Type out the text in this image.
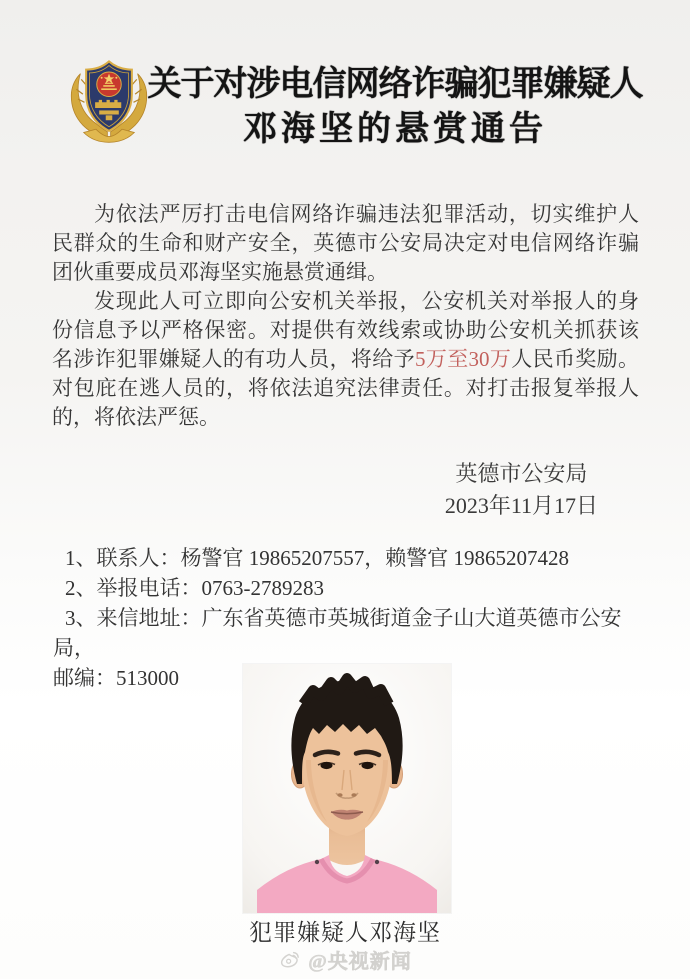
关于对涉电信网络诈骗犯罪嫌疑人
邓海坚的悬赏通告

为依法严厉打击电信网络诈骗违法犯罪活动，切实维护人民群众的生命和财产安全，英德市公安局决定对电信网络诈骗团伙重要成员邓海坚实施悬赏通缉。

发现此人可立即向公安机关举报，公安机关对举报人的身份信息予以严格保密。对提供有效线索或协助公安机关抓获该名涉诈犯罪嫌疑人的有功人员，将给予5万至30万人民币奖励。对包庇在逃人员的，将依法追究法律责任。对打击报复举报人的，将依法严惩。

英德市公安局
2023年11月17日
1、联系人：杨警官 19865207557，赖警官 19865207428
2、举报电话：0763-2789283
3、来信地址：广东省英德市英城街道金子山大道英德市公安局，
邮编：513000
犯罪嫌疑人邓海坚
@央视新闻
